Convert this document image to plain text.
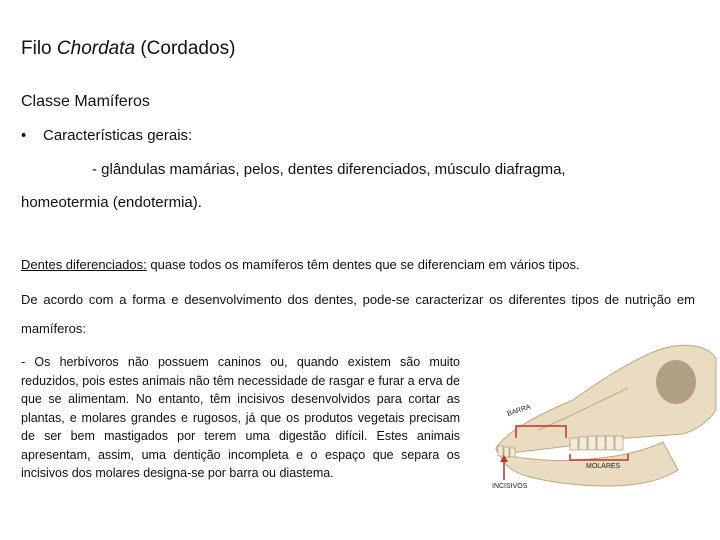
Filo Chordata (Cordados)
Classe Mamíferos
• Características gerais:
- glândulas mamárias, pelos, dentes diferenciados, músculo diafragma,
homeotermia (endotermia).
Dentes diferenciados: quase todos os mamíferos têm dentes que se diferenciam em vários tipos.
De acordo com a forma e desenvolvimento dos dentes, pode-se caracterizar os diferentes tipos de nutrição em mamíferos:
- Os herbívoros não possuem caninos ou, quando existem são muito reduzidos, pois estes animais não têm necessidade de rasgar e furar a erva de que se alimentam. No entanto, têm incisivos desenvolvidos para cortar as plantas, e molares grandes e rugosos, já que os produtos vegetais precisam de ser bem mastigados por terem uma digestão difícil. Estes animais apresentam, assim, uma dentição incompleta e o espaço que separa os incisivos dos molares designa-se por barra ou diastema.
BARRA
MOLARES
INCISIVOS
